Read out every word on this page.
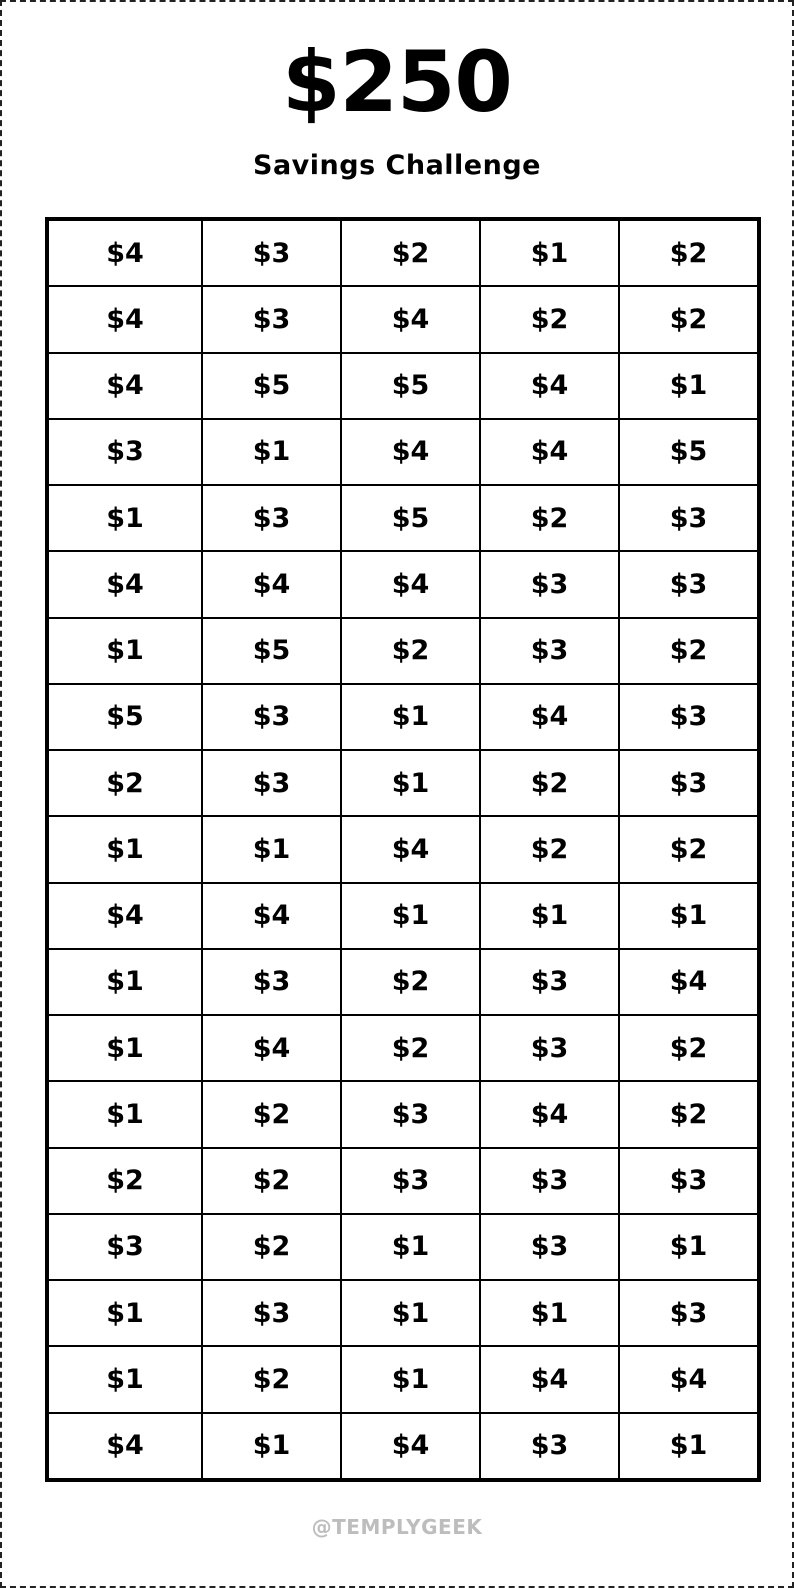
$250
Savings Challenge
$4	$3	$2	$1	$2
$4	$3	$4	$2	$2
$4	$5	$5	$4	$1
$3	$1	$4	$4	$5
$1	$3	$5	$2	$3
$4	$4	$4	$3	$3
$1	$5	$2	$3	$2
$5	$3	$1	$4	$3
$2	$3	$1	$2	$3
$1	$1	$4	$2	$2
$4	$4	$1	$1	$1
$1	$3	$2	$3	$4
$1	$4	$2	$3	$2
$1	$2	$3	$4	$2
$2	$2	$3	$3	$3
$3	$2	$1	$3	$1
$1	$3	$1	$1	$3
$1	$2	$1	$4	$4
$4	$1	$4	$3	$1
@TEMPLYGEEK
